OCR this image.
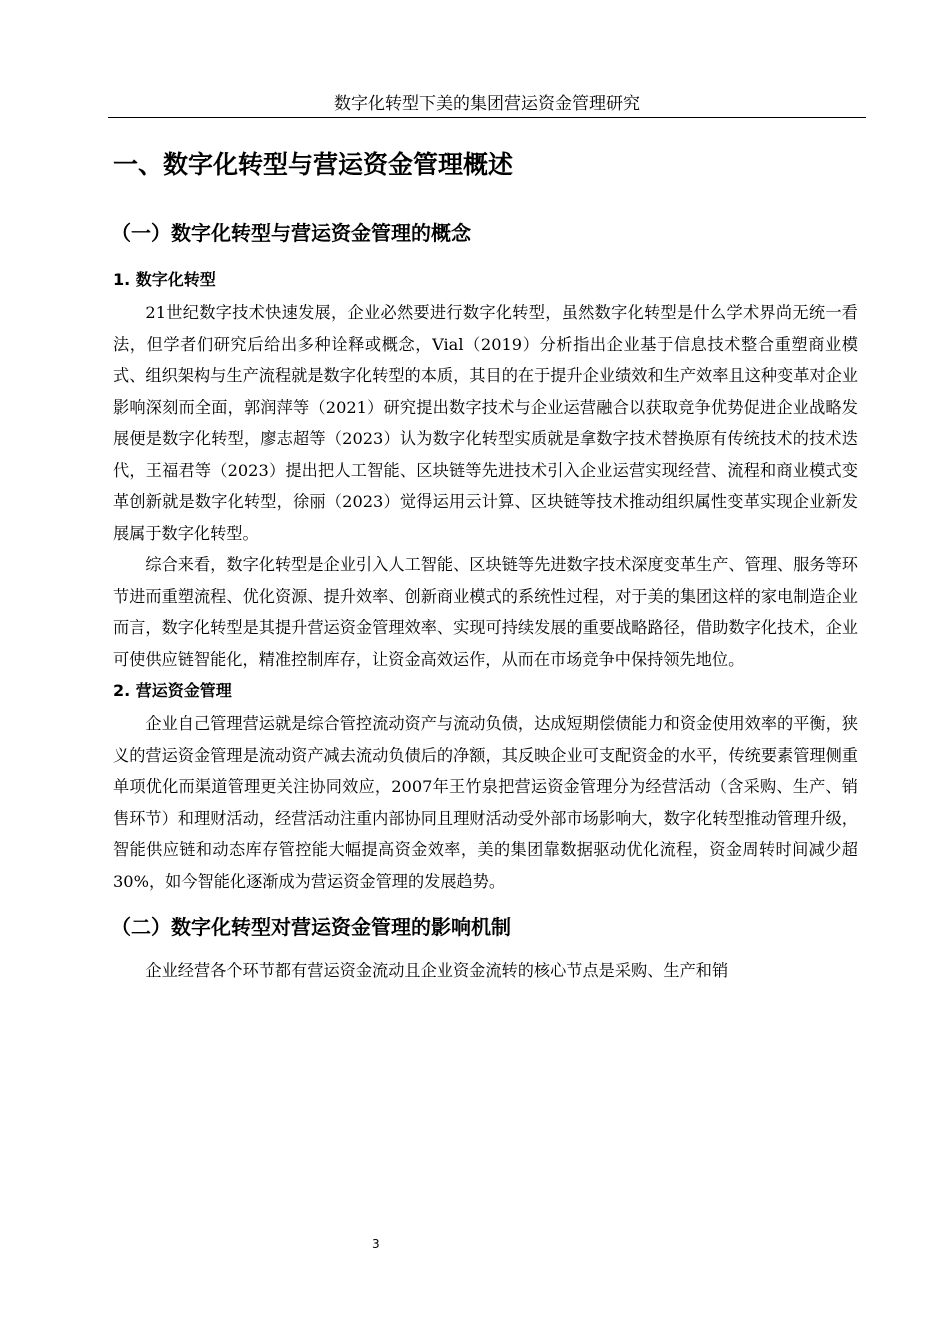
数字化转型下美的集团营运资金管理研究
一、数字化转型与营运资金管理概述
（一）数字化转型与营运资金管理的概念
1. 数字化转型

21世纪数字技术快速发展，企业必然要进行数字化转型，虽然数字化转型是什么学术界尚无统一看法，但学者们研究后给出多种诠释或概念，Vial（2019）分析指出企业基于信息技术整合重塑商业模式、组织架构与生产流程就是数字化转型的本质，其目的在于提升企业绩效和生产效率且这种变革对企业影响深刻而全面，郭润萍等（2021）研究提出数字技术与企业运营融合以获取竞争优势促进企业战略发展便是数字化转型，廖志超等（2023）认为数字化转型实质就是拿数字技术替换原有传统技术的技术迭代，王福君等（2023）提出把人工智能、区块链等先进技术引入企业运营实现经营、流程和商业模式变革创新就是数字化转型，徐丽（2023）觉得运用云计算、区块链等技术推动组织属性变革实现企业新发展属于数字化转型。

综合来看，数字化转型是企业引入人工智能、区块链等先进数字技术深度变革生产、管理、服务等环节进而重塑流程、优化资源、提升效率、创新商业模式的系统性过程，对于美的集团这样的家电制造企业而言，数字化转型是其提升营运资金管理效率、实现可持续发展的重要战略路径，借助数字化技术，企业可使供应链智能化，精准控制库存，让资金高效运作，从而在市场竞争中保持领先地位。

2. 营运资金管理

企业自己管理营运就是综合管控流动资产与流动负债，达成短期偿债能力和资金使用效率的平衡，狭义的营运资金管理是流动资产减去流动负债后的净额，其反映企业可支配资金的水平，传统要素管理侧重单项优化而渠道管理更关注协同效应，2007年王竹泉把营运资金管理分为经营活动（含采购、生产、销售环节）和理财活动，经营活动注重内部协同且理财活动受外部市场影响大，数字化转型推动管理升级，智能供应链和动态库存管控能大幅提高资金效率，美的集团靠数据驱动优化流程，资金周转时间减少超30%，如今智能化逐渐成为营运资金管理的发展趋势。

（二）数字化转型对营运资金管理的影响机制

企业经营各个环节都有营运资金流动且企业资金流转的核心节点是采购、生产和销

3
